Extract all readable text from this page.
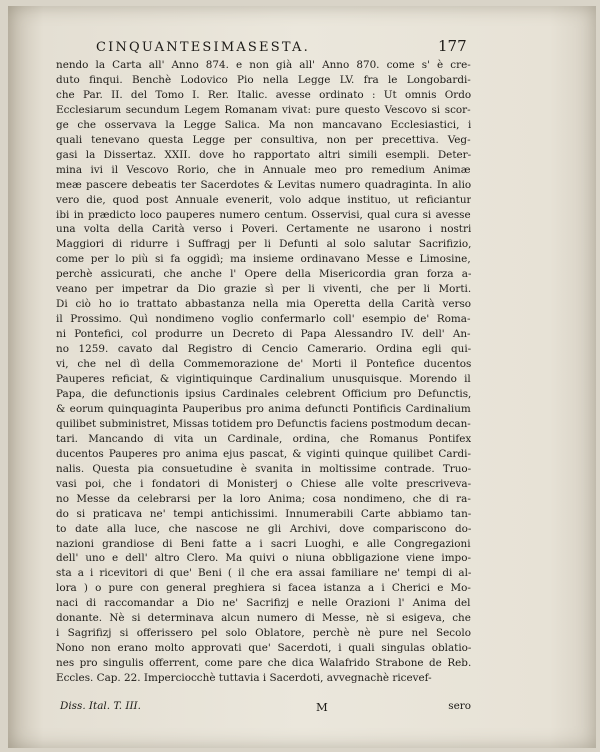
CINQUANTESIMASESTA.	177
nendo la Carta all' Anno 874. e non già all' Anno 870. come s' è cre-
duto finqui. Benchè Lodovico Pio nella Legge LV. fra le Longobardi-
che Par. II. del Tomo I. Rer. Italic. avesse ordinato : Ut omnis Ordo
Ecclesiarum secundum Legem Romanam vivat: pure questo Vescovo si scor-
ge che osservava la Legge Salica. Ma non mancavano Ecclesiastici, i
quali tenevano questa Legge per consultiva, non per precettiva. Veg-
gasi la Dissertaz. XXII. dove ho rapportato altri simili esempli. Deter-
mina ivi il Vescovo Rorio, che in Annuale meo pro remedium Animæ
meæ pascere debeatis ter Sacerdotes & Levitas numero quadraginta. In alio
vero die, quod post Annuale evenerit, volo adque instituo, ut reficiantur
ibi in prædicto loco pauperes numero centum. Osservisi, qual cura si avesse
una volta della Carità verso i Poveri. Certamente ne usarono i nostri
Maggiori di ridurre i Suffragj per li Defunti al solo salutar Sacrifizio,
come per lo più si fa oggidì; ma insieme ordinavano Messe e Limosine,
perchè assicurati, che anche l' Opere della Misericordia gran forza a-
veano per impetrar da Dio grazie sì per li viventi, che per li Morti.
Di ciò ho io trattato abbastanza nella mia Operetta della Carità verso
il Prossimo. Quì nondimeno voglio confermarlo coll' esempio de' Roma-
ni Pontefici, col produrre un Decreto di Papa Alessandro IV. dell' An-
no 1259. cavato dal Registro di Cencio Camerario. Ordina egli qui-
vi, che nel dì della Commemorazione de' Morti il Pontefice ducentos
Pauperes reficiat, & vigintiquinque Cardinalium unusquisque. Morendo il
Papa, die defunctionis ipsius Cardinales celebrent Officium pro Defunctis,
& eorum quinquaginta Pauperibus pro anima defuncti Pontificis Cardinalium
quilibet subministret, Missas totidem pro Defunctis faciens postmodum decan-
tari. Mancando di vita un Cardinale, ordina, che Romanus Pontifex
ducentos Pauperes pro anima ejus pascat, & viginti quinque quilibet Cardi-
nalis. Questa pia consuetudine è svanita in moltissime contrade. Truo-
vasi poi, che i fondatori di Monisterj o Chiese alle volte prescriveva-
no Messe da celebrarsi per la loro Anima; cosa nondimeno, che di ra-
do si praticava ne' tempi antichissimi. Innumerabili Carte abbiamo tan-
to date alla luce, che nascose ne gli Archivi, dove compariscono do-
nazioni grandiose di Beni fatte a i sacri Luoghi, e alle Congregazioni
dell' uno e dell' altro Clero. Ma quivi o niuna obbligazione viene impo-
sta a i ricevitori di que' Beni ( il che era assai familiare ne' tempi di al-
lora ) o pure con general preghiera si facea istanza a i Cherici e Mo-
naci di raccomandar a Dio ne' Sacrifizj e nelle Orazioni l' Anima del
donante. Nè si determinava alcun numero di Messe, nè si esigeva, che
i Sagrifizj si offerissero pel solo Oblatore, perchè nè pure nel Secolo
Nono non erano molto approvati que' Sacerdoti, i quali singulas oblatio-
nes pro singulis offerrent, come pare che dica Walafrido Strabone de Reb.
Eccles. Cap. 22. Imperciocchè tuttavia i Sacerdoti, avvegnachè ricevef-
Diss. Ital. T. III.	M	sero
